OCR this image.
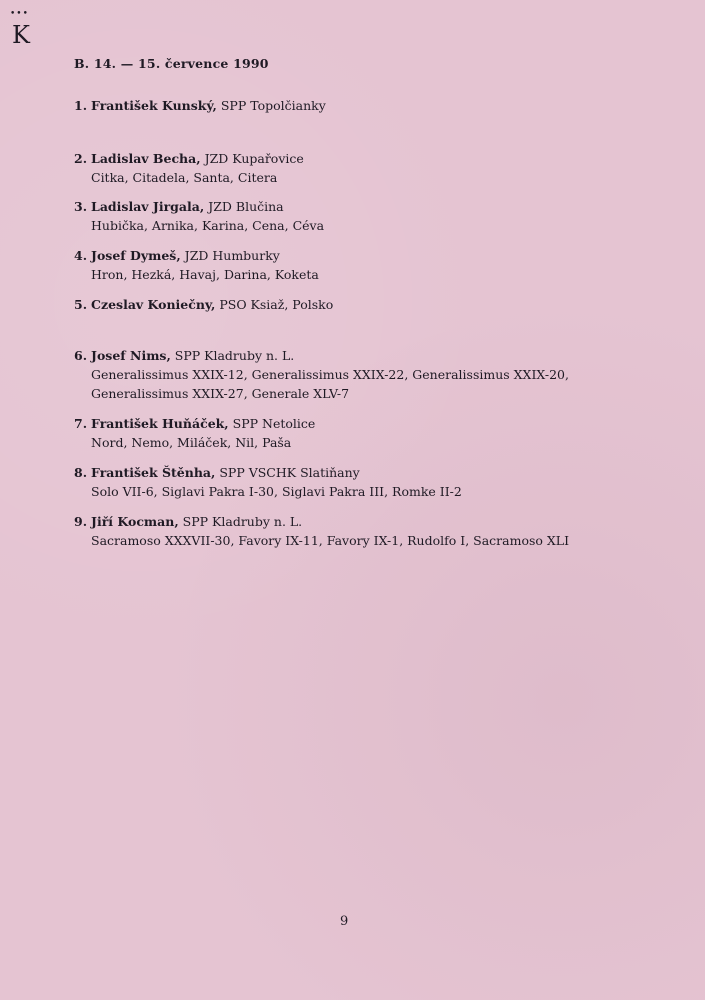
•••
K
B. 14. — 15. července 1990
1. František Kunský, SPP Topolčianky
2. Ladislav Becha, JZD Kupařovice
Citka, Citadela, Santa, Citera
3. Ladislav Jirgala, JZD Blučina
Hubička, Arnika, Karina, Cena, Céva
4. Josef Dymeš, JZD Humburky
Hron, Hezká, Havaj, Darina, Koketa
5. Czeslav Koniečny, PSO Ksiaž, Polsko
6. Josef Nims, SPP Kladruby n. L.
Generalissimus XXIX-12, Generalissimus XXIX-22, Generalissimus XXIX-20,
Generalissimus XXIX-27, Generale XLV-7
7. František Huňáček, SPP Netolice
Nord, Nemo, Miláček, Nil, Paša
8. František Štěnha, SPP VSCHK Slatiňany
Solo VII-6, Siglavi Pakra I-30, Siglavi Pakra III, Romke II-2
9. Jiří Kocman, SPP Kladruby n. L.
Sacramoso XXXVII-30, Favory IX-11, Favory IX-1, Rudolfo I, Sacramoso XLI
9
